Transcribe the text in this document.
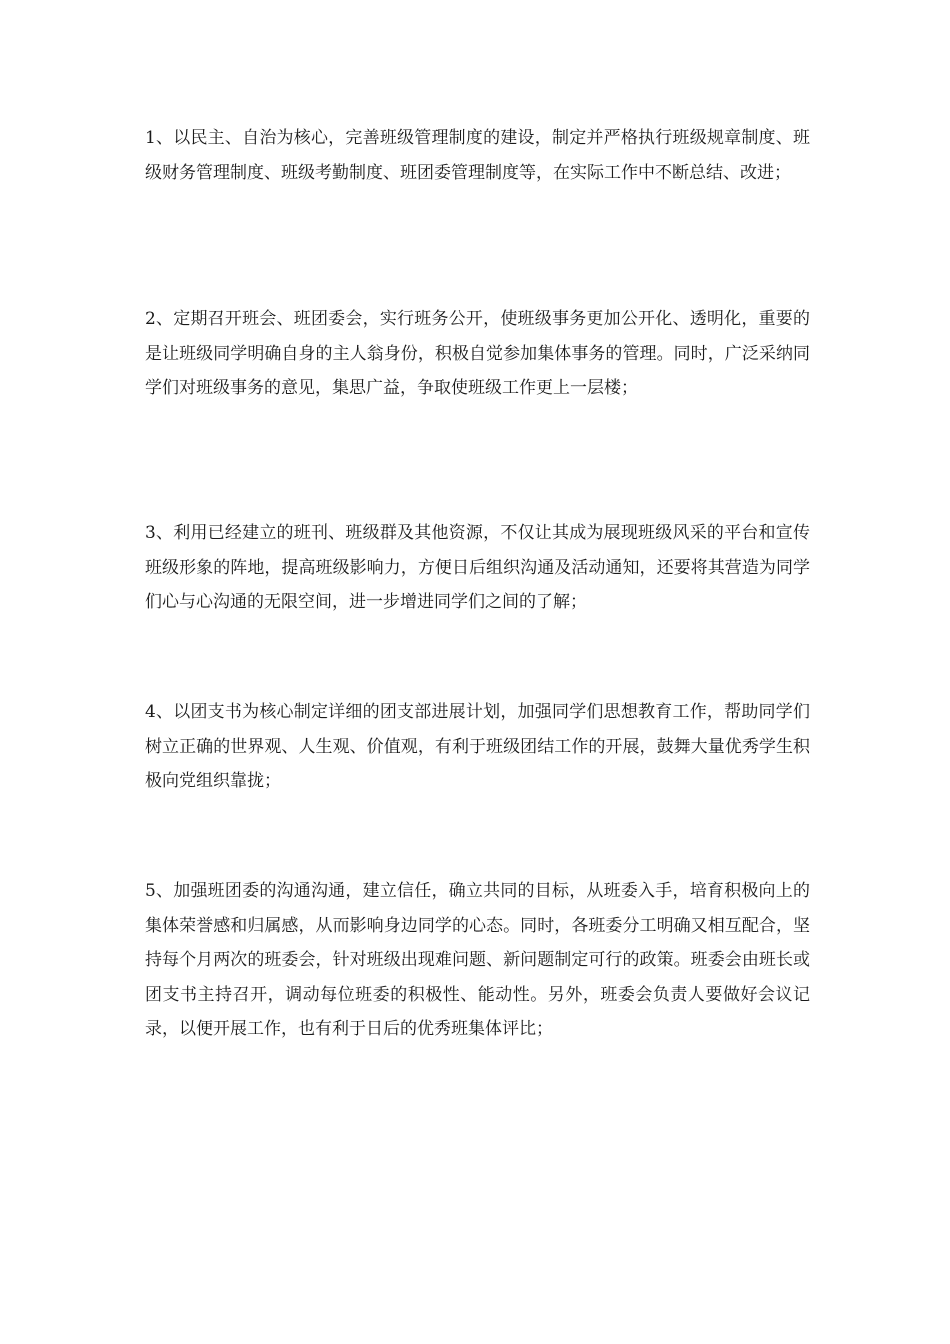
1、以民主、自治为核心，完善班级管理制度的建设，制定并严格执行班级规章制度、班级财务管理制度、班级考勤制度、班团委管理制度等，在实际工作中不断总结、改进；

2、定期召开班会、班团委会，实行班务公开，使班级事务更加公开化、透明化，重要的是让班级同学明确自身的主人翁身份，积极自觉参加集体事务的管理。同时，广泛采纳同学们对班级事务的意见，集思广益，争取使班级工作更上一层楼；

3、利用已经建立的班刊、班级群及其他资源，不仅让其成为展现班级风采的平台和宣传班级形象的阵地，提高班级影响力，方便日后组织沟通及活动通知，还要将其营造为同学们心与心沟通的无限空间，进一步增进同学们之间的了解；

4、以团支书为核心制定详细的团支部进展计划，加强同学们思想教育工作，帮助同学们树立正确的世界观、人生观、价值观，有利于班级团结工作的开展，鼓舞大量优秀学生积极向党组织靠拢；

5、加强班团委的沟通沟通，建立信任，确立共同的目标，从班委入手，培育积极向上的集体荣誉感和归属感，从而影响身边同学的心态。同时，各班委分工明确又相互配合，坚持每个月两次的班委会，针对班级出现难问题、新问题制定可行的政策。班委会由班长或团支书主持召开，调动每位班委的积极性、能动性。另外，班委会负责人要做好会议记录，以便开展工作，也有利于日后的优秀班集体评比；
